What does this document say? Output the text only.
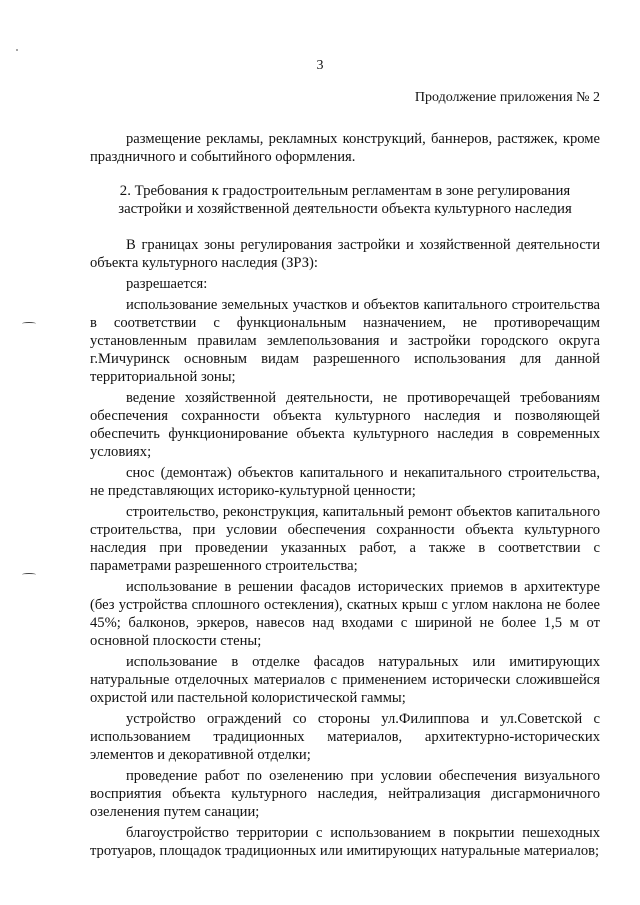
3
Продолжение приложения № 2

размещение рекламы, рекламных конструкций, баннеров, растяжек, кроме праздничного и событийного оформления.

2. Требования к градостроительным регламентам в зоне регулирования застройки и хозяйственной деятельности объекта культурного наследия

В границах зоны регулирования застройки и хозяйственной деятельности объекта культурного наследия (ЗРЗ):

разрешается:

использование земельных участков и объектов капитального строительства в соответствии с функциональным назначением, не противоречащим установленным правилам землепользования и застройки городского округа г.Мичуринск основным видам разрешенного использования для данной территориальной зоны;

ведение хозяйственной деятельности, не противоречащей требованиям обеспечения сохранности объекта культурного наследия и позволяющей обеспечить функционирование объекта культурного наследия в современных условиях;

снос (демонтаж) объектов капитального и некапитального строительства, не представляющих историко-культурной ценности;

строительство, реконструкция, капитальный ремонт объектов капитального строительства, при условии обеспечения сохранности объекта культурного наследия при проведении указанных работ, а также в соответствии с параметрами разрешенного строительства;

использование в решении фасадов исторических приемов в архитектуре (без устройства сплошного остекления), скатных крыш с углом наклона не более 45%; балконов, эркеров, навесов над входами с шириной не более 1,5 м от основной плоскости стены;

использование в отделке фасадов натуральных или имитирующих натуральные отделочных материалов с применением исторически сложившейся охристой или пастельной колористической гаммы;

устройство ограждений со стороны ул.Филиппова и ул.Советской с использованием традиционных материалов, архитектурно-исторических элементов и декоративной отделки;

проведение работ по озеленению при условии обеспечения визуального восприятия объекта культурного наследия, нейтрализация дисгармоничного озеленения путем санации;

благоустройство территории с использованием в покрытии пешеходных тротуаров, площадок традиционных или имитирующих натуральные материалов;
